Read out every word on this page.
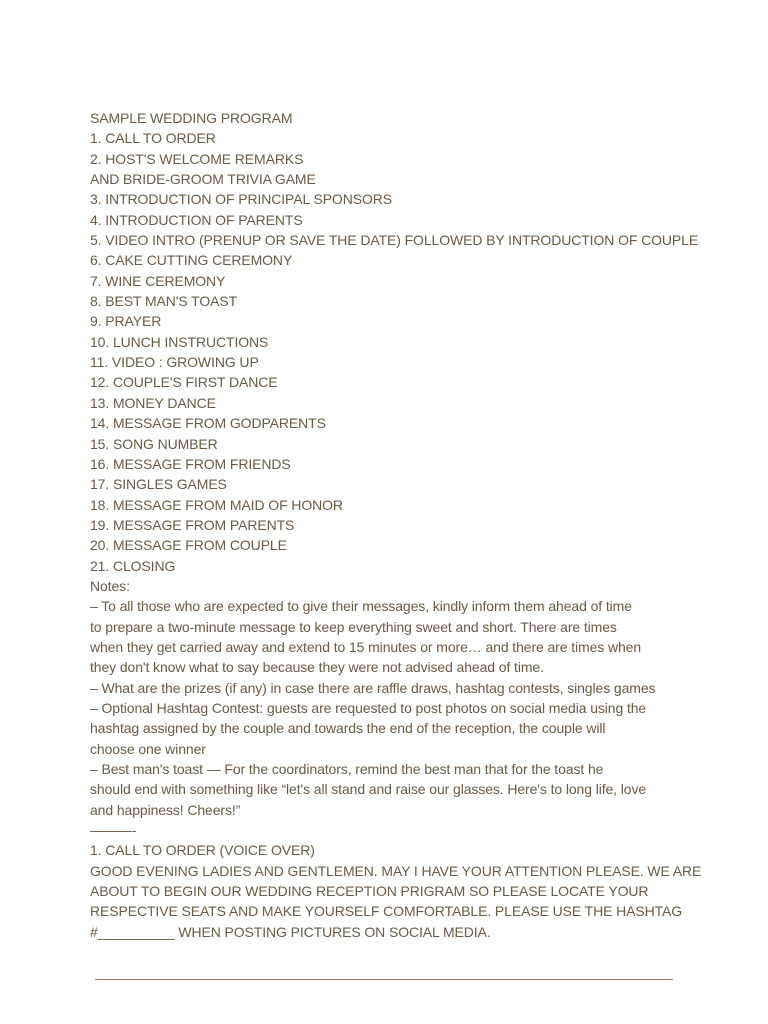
SAMPLE WEDDING PROGRAM

1. CALL TO ORDER

2. HOST'S WELCOME REMARKS

AND BRIDE-GROOM TRIVIA GAME

3. INTRODUCTION OF PRINCIPAL SPONSORS

4. INTRODUCTION OF PARENTS

5. VIDEO INTRO (PRENUP OR SAVE THE DATE) FOLLOWED BY INTRODUCTION OF COUPLE

6. CAKE CUTTING CEREMONY

7. WINE CEREMONY

8. BEST MAN'S TOAST

9. PRAYER

10. LUNCH INSTRUCTIONS

11. VIDEO : GROWING UP

12. COUPLE'S FIRST DANCE

13. MONEY DANCE

14. MESSAGE FROM GODPARENTS

15. SONG NUMBER

16. MESSAGE FROM FRIENDS

17. SINGLES GAMES

18. MESSAGE FROM MAID OF HONOR

19. MESSAGE FROM PARENTS

20. MESSAGE FROM COUPLE

21. CLOSING

Notes:

– To all those who are expected to give their messages, kindly inform them ahead of time

to prepare a two-minute message to keep everything sweet and short. There are times

when they get carried away and extend to 15 minutes or more… and there are times when

they don't know what to say because they were not advised ahead of time.

– What are the prizes (if any) in case there are raffle draws, hashtag contests, singles games

– Optional Hashtag Contest: guests are requested to post photos on social media using the

hashtag assigned by the couple and towards the end of the reception, the couple will

choose one winner

– Best man's toast — For the coordinators, remind the best man that for the toast he

should end with something like “let's all stand and raise our glasses. Here's to long life, love

and happiness! Cheers!”

———-

1. CALL TO ORDER (VOICE OVER)

GOOD EVENING LADIES AND GENTLEMEN. MAY I HAVE YOUR ATTENTION PLEASE. WE ARE

ABOUT TO BEGIN OUR WEDDING RECEPTION PRIGRAM SO PLEASE LOCATE YOUR

RESPECTIVE SEATS AND MAKE YOURSELF COMFORTABLE. PLEASE USE THE HASHTAG

#__________ WHEN POSTING PICTURES ON SOCIAL MEDIA.
